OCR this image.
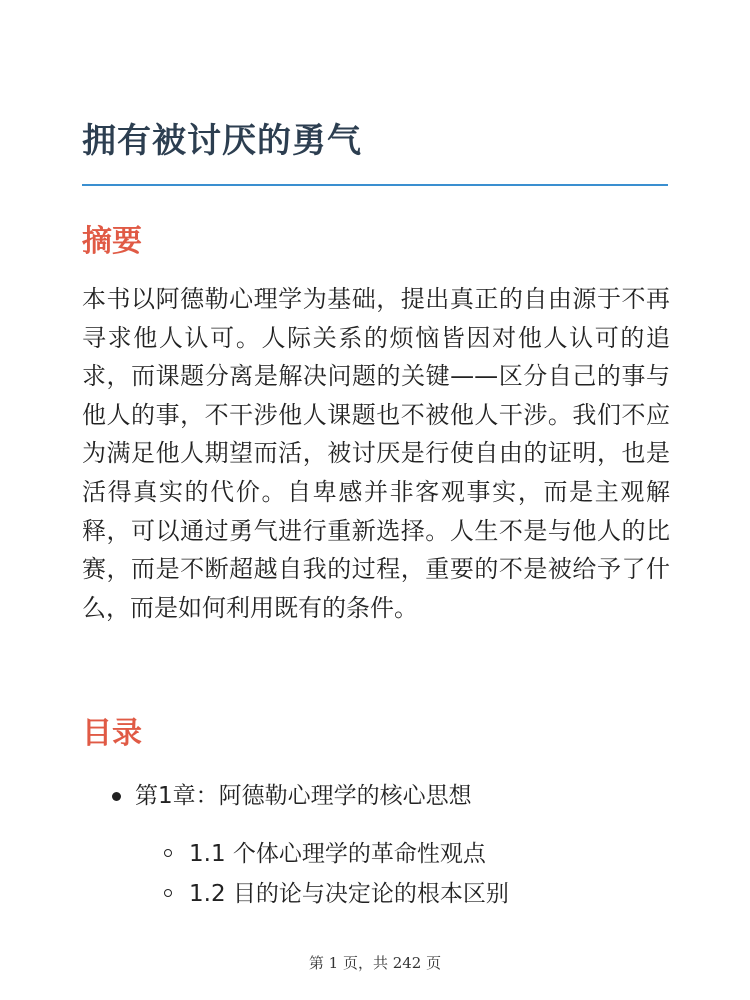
拥有被讨厌的勇气
摘要

本书以阿德勒心理学为基础，提出真正的自由源于不再寻求他人认可。人际关系的烦恼皆因对他人认可的追求，而课题分离是解决问题的关键——区分自己的事与他人的事，不干涉他人课题也不被他人干涉。我们不应为满足他人期望而活，被讨厌是行使自由的证明，也是活得真实的代价。自卑感并非客观事实，而是主观解释，可以通过勇气进行重新选择。人生不是与他人的比赛，而是不断超越自我的过程，重要的不是被给予了什么，而是如何利用既有的条件。

目录
第1章：阿德勒心理学的核心思想
1.1 个体心理学的革命性观点
1.2 目的论与决定论的根本区别
第 1 页，共 242 页
